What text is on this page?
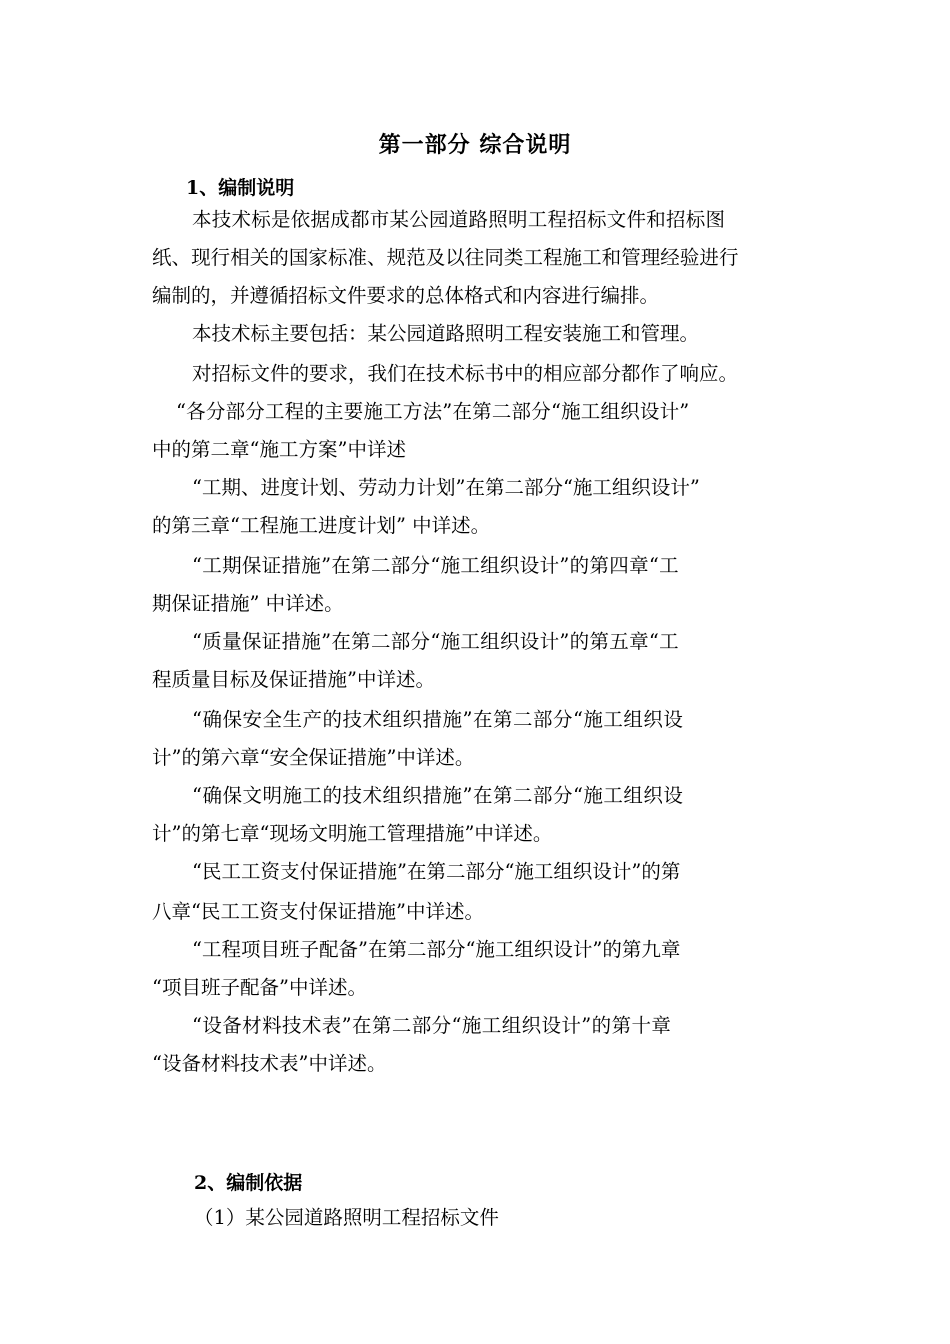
第一部分 综合说明
1、编制说明
本技术标是依据成都市某公园道路照明工程招标文件和招标图
纸、现行相关的国家标准、规范及以往同类工程施工和管理经验进行
编制的，并遵循招标文件要求的总体格式和内容进行编排。
本技术标主要包括：某公园道路照明工程安装施工和管理。
对招标文件的要求，我们在技术标书中的相应部分都作了响应。
“各分部分工程的主要施工方法”在第二部分“施工组织设计”
中的第二章“施工方案”中详述
“工期、进度计划、劳动力计划”在第二部分“施工组织设计”
的第三章“工程施工进度计划” 中详述。
“工期保证措施”在第二部分“施工组织设计”的第四章“工
期保证措施” 中详述。
“质量保证措施”在第二部分“施工组织设计”的第五章“工
程质量目标及保证措施”中详述。
“确保安全生产的技术组织措施”在第二部分“施工组织设
计”的第六章“安全保证措施”中详述。
“确保文明施工的技术组织措施”在第二部分“施工组织设
计”的第七章“现场文明施工管理措施”中详述。
“民工工资支付保证措施”在第二部分“施工组织设计”的第
八章“民工工资支付保证措施”中详述。
“工程项目班子配备”在第二部分“施工组织设计”的第九章
“项目班子配备”中详述。
“设备材料技术表”在第二部分“施工组织设计”的第十章
“设备材料技术表”中详述。
2、编制依据
（1）某公园道路照明工程招标文件
